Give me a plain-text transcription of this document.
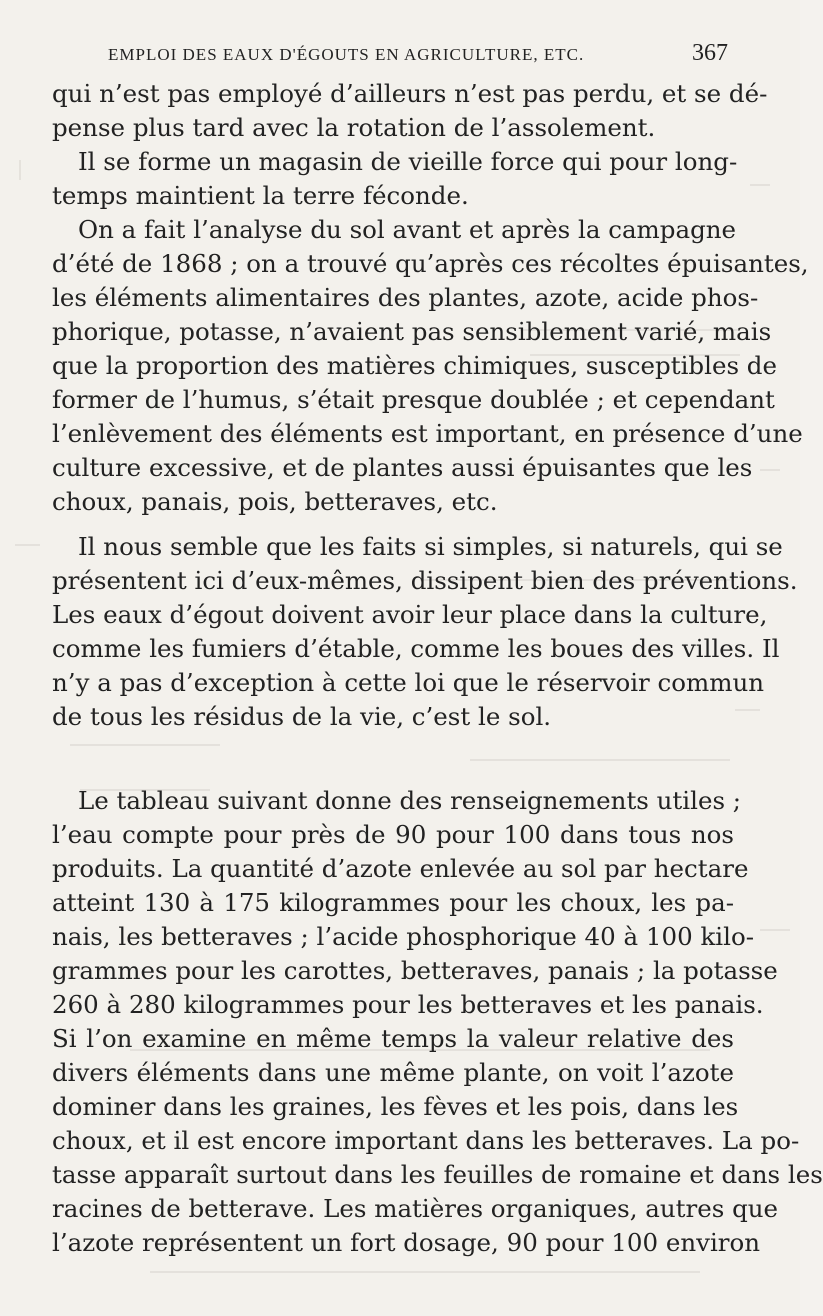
EMPLOI DES EAUX D'ÉGOUTS EN AGRICULTURE, ETC.	367
qui n’est pas employé d’ailleurs n’est pas perdu, et se dé-
pense plus tard avec la rotation de l’assolement.
Il se forme un magasin de vieille force qui pour long-
temps maintient la terre féconde.
On a fait l’analyse du sol avant et après la campagne
d’été de 1868 ; on a trouvé qu’après ces récoltes épuisantes,
les éléments alimentaires des plantes, azote, acide phos-
phorique, potasse, n’avaient pas sensiblement varié, mais
que la proportion des matières chimiques, susceptibles de
former de l’humus, s’était presque doublée ; et cependant
l’enlèvement des éléments est important, en présence d’une
culture excessive, et de plantes aussi épuisantes que les
choux, panais, pois, betteraves, etc.
Il nous semble que les faits si simples, si naturels, qui se
présentent ici d’eux-mêmes, dissipent bien des préventions.
Les eaux d’égout doivent avoir leur place dans la culture,
comme les fumiers d’étable, comme les boues des villes. Il
n’y a pas d’exception à cette loi que le réservoir commun
de tous les résidus de la vie, c’est le sol.
Le tableau suivant donne des renseignements utiles ;
l’eau compte pour près de 90 pour 100 dans tous nos
produits. La quantité d’azote enlevée au sol par hectare
atteint 130 à 175 kilogrammes pour les choux, les pa-
nais, les betteraves ; l’acide phosphorique 40 à 100 kilo-
grammes pour les carottes, betteraves, panais ; la potasse
260 à 280 kilogrammes pour les betteraves et les panais.
Si l’on examine en même temps la valeur relative des
divers éléments dans une même plante, on voit l’azote
dominer dans les graines, les fèves et les pois, dans les
choux, et il est encore important dans les betteraves. La po-
tasse apparaît surtout dans les feuilles de romaine et dans les
racines de betterave. Les matières organiques, autres que
l’azote représentent un fort dosage, 90 pour 100 environ
